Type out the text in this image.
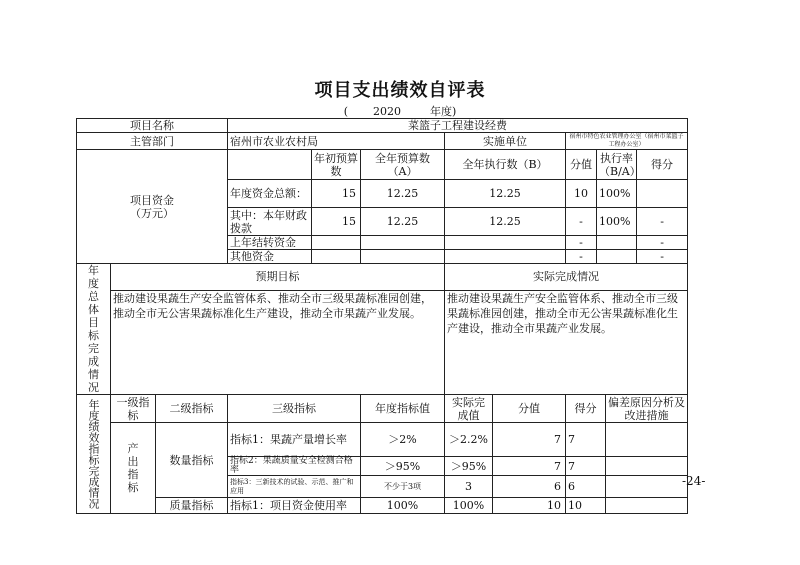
项目支出绩效自评表
( 2020	年度)
项目名称			菜篮子工程建设经费								
主管部门			宿州市农业农村局			实施单位		宿州市特色农业管理办公室（宿州市菜篮子工程办公室）			

项目资金
（万元）				年初预算数	全年预算数（A）	全年执行数（B）		分值	执行率（B/A）		得分
			年度资金总额：	15	12.25	12.25		10	100%		
			其中：本年财政拨款	15	12.25	12.25		-	100%		-
			上年结转资金					-			-
			其他资金					-			-
年度总体目标完成情况	预期目标					实际完成情况					
	推动建设果蔬生产安全监管体系、推动全市三级果蔬标准园创建，推动全市无公害果蔬标准化生产建设，推动全市果蔬产业发展。					推动建设果蔬生产安全监管体系、推动全市三级果蔬标准园创建，推动全市无公害果蔬标准化生产建设，推动全市果蔬产业发展。					
年度绩效指标完成情况	一级指标	二级指标	三级指标		年度指标值	实际完成值	分值	得分		偏差原因分析及改进措施	
	产出指标	数量指标	指标1：果蔬产量增长率		＞2%	＞2.2%	7	7			
			指标2：果蔬质量安全检测合格率		＞95%	＞95%	7	7			
			指标3：三新技术的试验、示范、推广和应用		不少于3项	3	6	6			
		质量指标	指标1：项目资金使用率		100%	100%	10	10			
-24-
